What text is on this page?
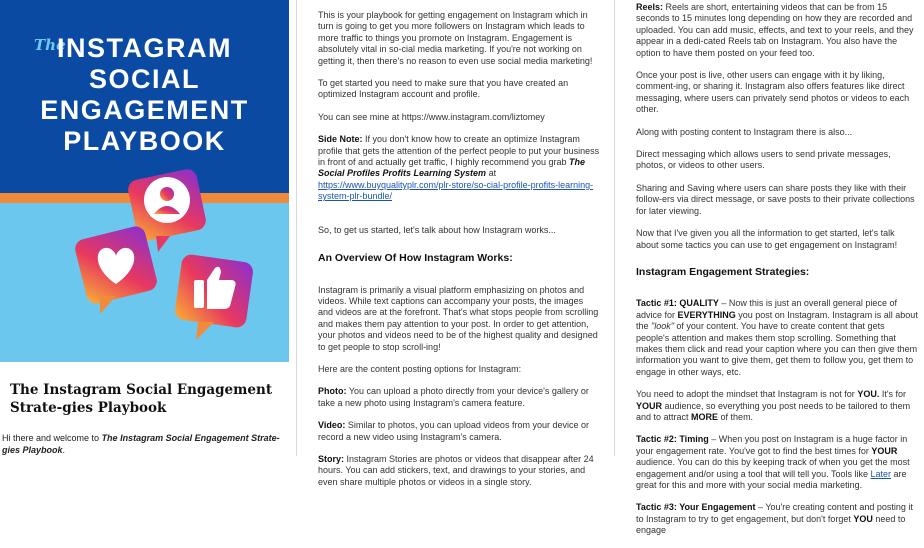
The
INSTAGRAM
SOCIAL
ENGAGEMENT
PLAYBOOK
The Instagram Social Engagement Strate-gies Playbook
Hi there and welcome to The Instagram Social Engagement Strate-gies Playbook.

This is your playbook for getting engagement on Instagram which in turn is going to get you more followers on Instagram which leads to more traffic to things you promote on Instagram. Engagement is absolutely vital in so-cial media marketing. If you're not working on getting it, then there's no reason to even use social media marketing!

To get started you need to make sure that you have created an optimized Instagram account and profile.

You can see mine at https://www.instagram.com/liztomey

Side Note: If you don't know how to create an optimize Instagram profile that gets the attention of the perfect people to put your business in front of and actually get traffic, I highly recommend you grab The Social Profiles Profits Learning System at https://www.buyqualityplr.com/plr-store/so-cial-profile-profits-learning-system-plr-bundle/

So, to get us started, let's talk about how Instagram works...

An Overview Of How Instagram Works:

Instagram is primarily a visual platform emphasizing on photos and videos. While text captions can accompany your posts, the images and videos are at the forefront. That's what stops people from scrolling and makes them pay attention to your post. In order to get attention, your photos and videos need to be of the highest quality and designed to get people to stop scroll-ing!

Here are the content posting options for Instagram:

Photo: You can upload a photo directly from your device's gallery or take a new photo using Instagram's camera feature.

Video: Similar to photos, you can upload videos from your device or record a new video using Instagram's camera.

Story: Instagram Stories are photos or videos that disappear after 24 hours. You can add stickers, text, and drawings to your stories, and even share multiple photos or videos in a single story.

Reels: Reels are short, entertaining videos that can be from 15 seconds to 15 minutes long depending on how they are recorded and uploaded. You can add music, effects, and text to your reels, and they appear in a dedi-cated Reels tab on Instagram. You also have the option to have them posted on your feed too.

Once your post is live, other users can engage with it by liking, comment-ing, or sharing it. Instagram also offers features like direct messaging, where users can privately send photos or videos to each other.

Along with posting content to Instagram there is also...

Direct messaging which allows users to send private messages, photos, or videos to other users.

Sharing and Saving where users can share posts they like with their follow-ers via direct message, or save posts to their private collections for later viewing.

Now that I've given you all the information to get started, let's talk about some tactics you can use to get engagement on Instagram!

Instagram Engagement Strategies:

Tactic #1: QUALITY – Now this is just an overall general piece of advice for EVERYTHING you post on Instagram. Instagram is all about the "look" of your content. You have to create content that gets people's attention and makes them stop scrolling. Something that makes them click and read your caption where you can then give them information you want to give them, get them to follow you, get them to engage in other ways, etc.

You need to adopt the mindset that Instagram is not for YOU. It's for YOUR audience, so everything you post needs to be tailored to them and to attract MORE of them.

Tactic #2: Timing – When you post on Instagram is a huge factor in your engagement rate. You've got to find the best times for YOUR audience. You can do this by keeping track of when you get the most engagement and/or using a tool that will tell you. Tools like Later are great for this and more with your social media marketing.

Tactic #3: Your Engagement – You're creating content and posting it to Instagram to try to get engagement, but don't forget YOU need to engage
